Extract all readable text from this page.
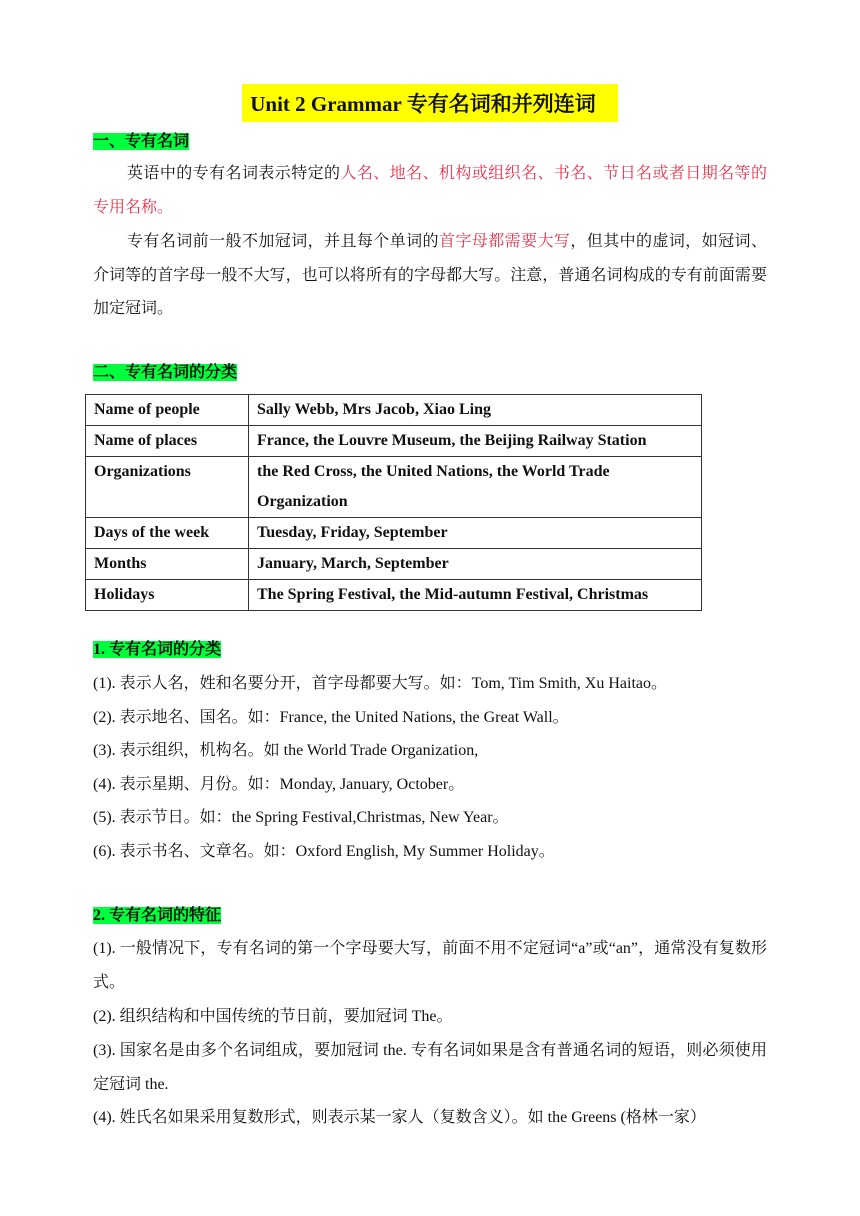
Unit 2 Grammar 专有名词和并列连词
一、专有名词
英语中的专有名词表示特定的人名、地名、机构或组织名、书名、节日名或者日期名等的专用名称。
专有名词前一般不加冠词，并且每个单词的首字母都需要大写，但其中的虚词，如冠词、介词等的首字母一般不大写，也可以将所有的字母都大写。注意，普通名词构成的专有前面需要加定冠词。
二、专有名词的分类
Name of people	Sally Webb, Mrs Jacob, Xiao Ling
Name of places	France, the Louvre Museum, the Beijing Railway Station
Organizations	the Red Cross, the United Nations, the World Trade Organization
Days of the week	Tuesday, Friday, September
Months	January, March, September
Holidays	The Spring Festival, the Mid-autumn Festival, Christmas
1. 专有名词的分类
(1). 表示人名，姓和名要分开，首字母都要大写。如：Tom, Tim Smith, Xu Haitao。
(2). 表示地名、国名。如：France, the United Nations, the Great Wall。
(3). 表示组织，机构名。如 the World Trade Organization,
(4). 表示星期、月份。如：Monday, January, October。
(5). 表示节日。如：the Spring Festival,Christmas, New Year。
(6). 表示书名、文章名。如：Oxford English, My Summer Holiday。
2. 专有名词的特征
(1). 一般情况下，专有名词的第一个字母要大写，前面不用不定冠词“a”或“an”，通常没有复数形式。
(2). 组织结构和中国传统的节日前，要加冠词 The。
(3). 国家名是由多个名词组成，要加冠词 the. 专有名词如果是含有普通名词的短语，则必须使用定冠词 the.
(4). 姓氏名如果采用复数形式，则表示某一家人（复数含义）。如 the Greens (格林一家）
